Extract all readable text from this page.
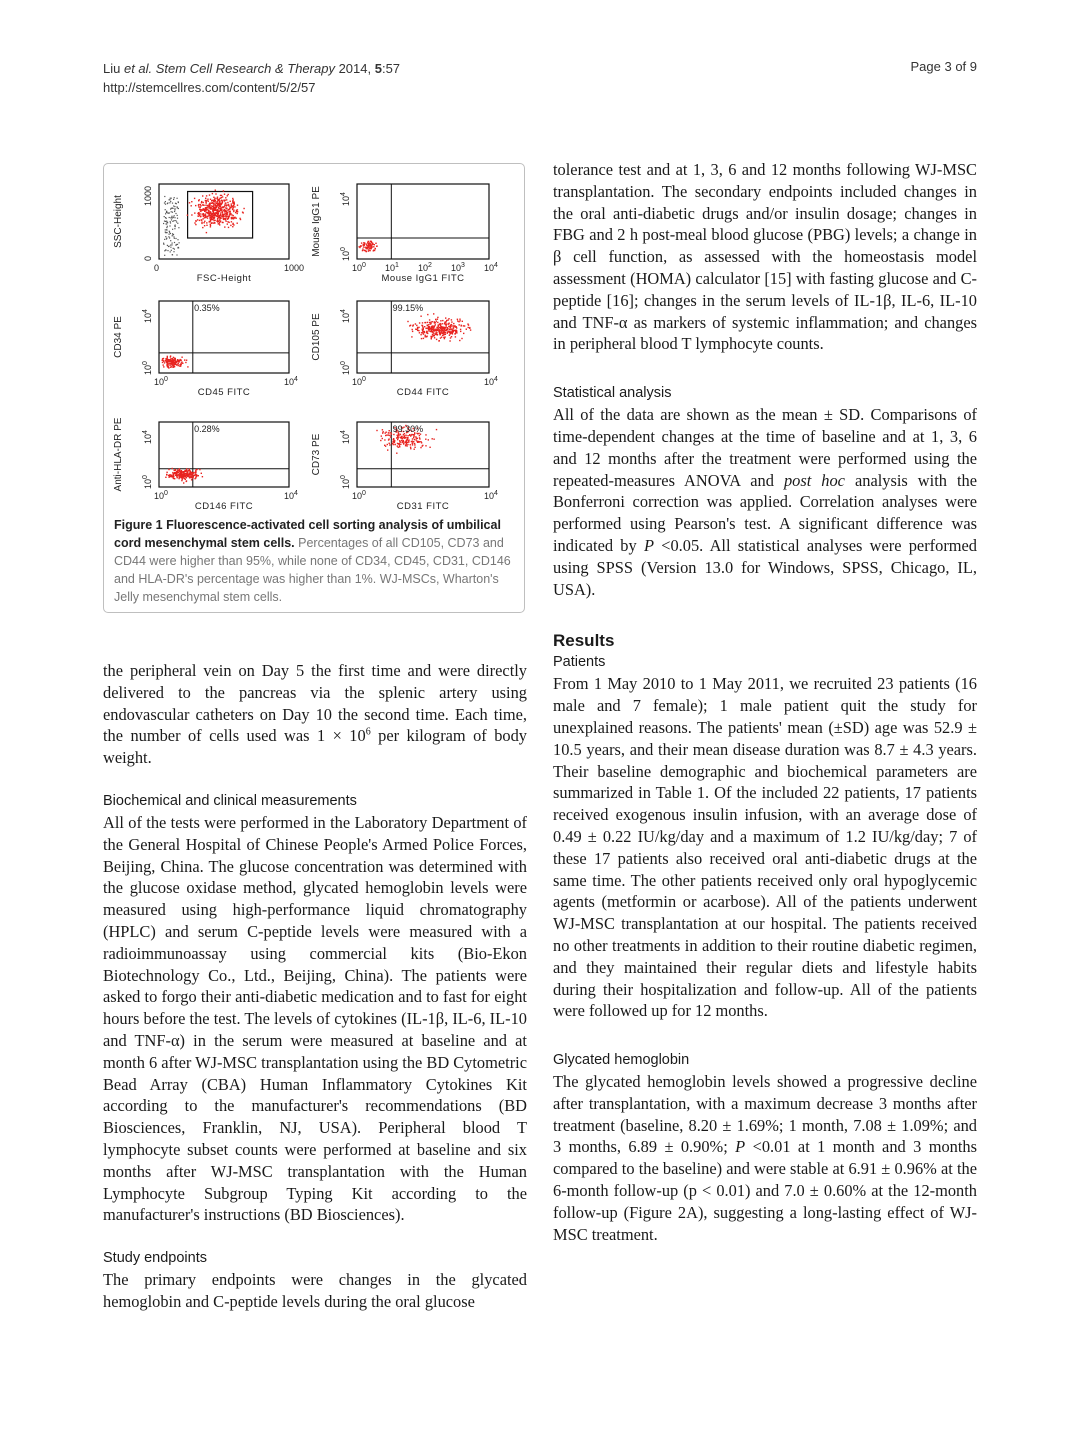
Liu et al. Stem Cell Research & Therapy 2014, 5:57
http://stemcellres.com/content/5/2/57
Page 3 of 9
SSC-Height
0
1000
0	1000
FSC-Height
Mouse IgG1 PE $10^0$
$10^4$
$10^0$ $10^1$ $10^2$ $10^3$ $10^4$
Mouse IgG1 FITC
0.35%
CD34 PE
$10^0$
$10^4$
$10^0$	$10^4$
CD45 FITC
99.15%
CD105 PE
$10^0$
$10^4$
$10^0$	$10^4$
CD44 FITC
0.28%
Anti-HLA-DR PE $10^0$
$10^4$
$10^0$	$10^4$
CD146 FITC
99.30%
CD73 PE
$10^0$
$10^4$
$10^0$	$10^4$
CD31 FITC
Figure 1 Fluorescence-activated cell sorting analysis of umbilical cord mesenchymal stem cells. Percentages of all CD105, CD73 and CD44 were higher than 95%, while none of CD34, CD45, CD31, CD146 and HLA-DR's percentage was higher than 1%. WJ-MSCs, Wharton's Jelly mesenchymal stem cells.

the peripheral vein on Day 5 the first time and were directly delivered to the pancreas via the splenic artery using endovascular catheters on Day 10 the second time. Each time, the number of cells used was $1 \times 10^6$ per kilogram of body weight.

Biochemical and clinical measurements

All of the tests were performed in the Laboratory Department of the General Hospital of Chinese People's Armed Police Forces, Beijing, China. The glucose concentration was determined with the glucose oxidase method, glycated hemoglobin levels were measured using high-performance liquid chromatography (HPLC) and serum C-peptide levels were measured with a radioimmunoassay using commercial kits (Bio-Ekon Biotechnology Co., Ltd., Beijing, China). The patients were asked to forgo their anti-diabetic medication and to fast for eight hours before the test. The levels of cytokines (IL-1β, IL-6, IL-10 and TNF-α) in the serum were measured at baseline and at month 6 after WJ-MSC transplantation using the BD Cytometric Bead Array (CBA) Human Inflammatory Cytokines Kit according to the manufacturer's recommendations (BD Biosciences, Franklin, NJ, USA). Peripheral blood T lymphocyte subset counts were performed at baseline and six months after WJ-MSC transplantation with the Human Lymphocyte Subgroup Typing Kit according to the manufacturer's instructions (BD Biosciences).

Study endpoints

The primary endpoints were changes in the glycated hemoglobin and C-peptide levels during the oral glucose

tolerance test and at 1, 3, 6 and 12 months following WJ-MSC transplantation. The secondary endpoints included changes in the oral anti-diabetic drugs and/or insulin dosage; changes in FBG and 2 h post-meal blood glucose (PBG) levels; a change in β cell function, as assessed with the homeostasis model assessment (HOMA) calculator [15] with fasting glucose and C-peptide [16]; changes in the serum levels of IL-1β, IL-6, IL-10 and TNF-α as markers of systemic inflammation; and changes in peripheral blood T lymphocyte counts.

Statistical analysis

All of the data are shown as the mean ± SD. Comparisons of time-dependent changes at the time of baseline and at 1, 3, 6 and 12 months after the treatment were performed using the repeated-measures ANOVA and post hoc analysis with the Bonferroni correction was applied. Correlation analyses were performed using Pearson's test. A significant difference was indicated by P <0.05. All statistical analyses were performed using SPSS (Version 13.0 for Windows, SPSS, Chicago, IL, USA).

Results

Patients

From 1 May 2010 to 1 May 2011, we recruited 23 patients (16 male and 7 female); 1 male patient quit the study for unexplained reasons. The patients' mean (±SD) age was 52.9 ± 10.5 years, and their mean disease duration was 8.7 ± 4.3 years. Their baseline demographic and biochemical parameters are summarized in Table 1. Of the included 22 patients, 17 patients received exogenous insulin infusion, with an average dose of 0.49 ± 0.22 IU/kg/day and a maximum of 1.2 IU/kg/day; 7 of these 17 patients also received oral anti-diabetic drugs at the same time. The other patients received only oral hypoglycemic agents (metformin or acarbose). All of the patients underwent WJ-MSC transplantation at our hospital. The patients received no other treatments in addition to their routine diabetic regimen, and they maintained their regular diets and lifestyle habits during their hospitalization and follow-up. All of the patients were followed up for 12 months.

Glycated hemoglobin

The glycated hemoglobin levels showed a progressive decline after transplantation, with a maximum decrease 3 months after treatment (baseline, 8.20 ± 1.69%; 1 month, 7.08 ± 1.09%; and 3 months, 6.89 ± 0.90%; P <0.01 at 1 month and 3 months compared to the baseline) and were stable at 6.91 ± 0.96% at the 6-month follow-up (p < 0.01) and 7.0 ± 0.60% at the 12-month follow-up (Figure 2A), suggesting a long-lasting effect of WJ-MSC treatment.
